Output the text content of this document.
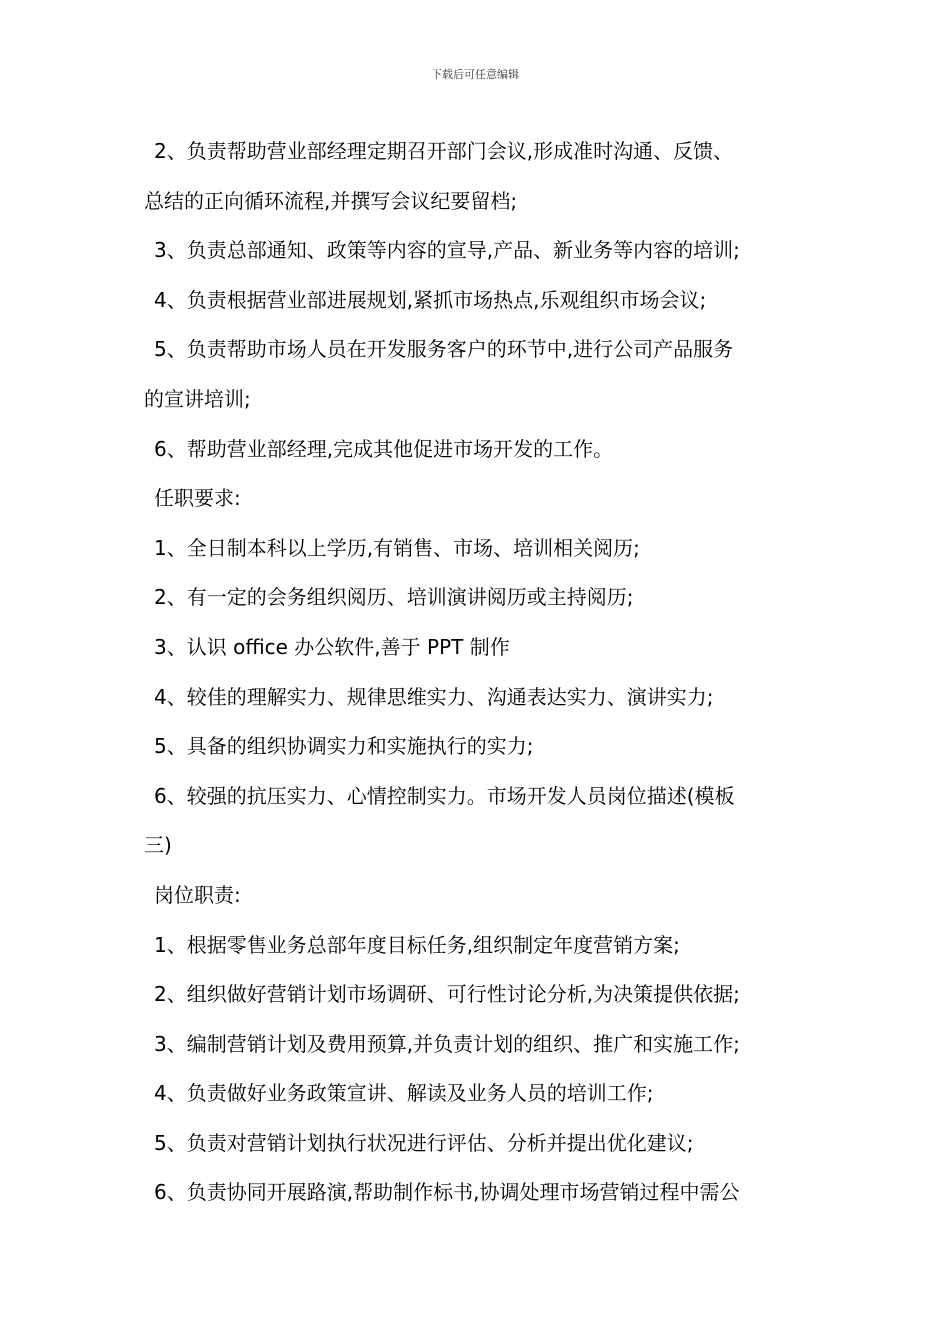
下载后可任意编辑
2、负责帮助营业部经理定期召开部门会议,形成准时沟通、反馈、
总结的正向循环流程,并撰写会议纪要留档;
3、负责总部通知、政策等内容的宣导,产品、新业务等内容的培训;
4、负责根据营业部进展规划,紧抓市场热点,乐观组织市场会议;
5、负责帮助市场人员在开发服务客户的环节中,进行公司产品服务
的宣讲培训;
6、帮助营业部经理,完成其他促进市场开发的工作。
任职要求:
1、全日制本科以上学历,有销售、市场、培训相关阅历;
2、有一定的会务组织阅历、培训演讲阅历或主持阅历;
3、认识 office 办公软件,善于 PPT 制作
4、较佳的理解实力、规律思维实力、沟通表达实力、演讲实力;
5、具备的组织协调实力和实施执行的实力;
6、较强的抗压实力、心情控制实力。市场开发人员岗位描述(模板
三)
岗位职责:
1、根据零售业务总部年度目标任务,组织制定年度营销方案;
2、组织做好营销计划市场调研、可行性讨论分析,为决策提供依据;
3、编制营销计划及费用预算,并负责计划的组织、推广和实施工作;
4、负责做好业务政策宣讲、解读及业务人员的培训工作;
5、负责对营销计划执行状况进行评估、分析并提出优化建议;
6、负责协同开展路演,帮助制作标书,协调处理市场营销过程中需公
